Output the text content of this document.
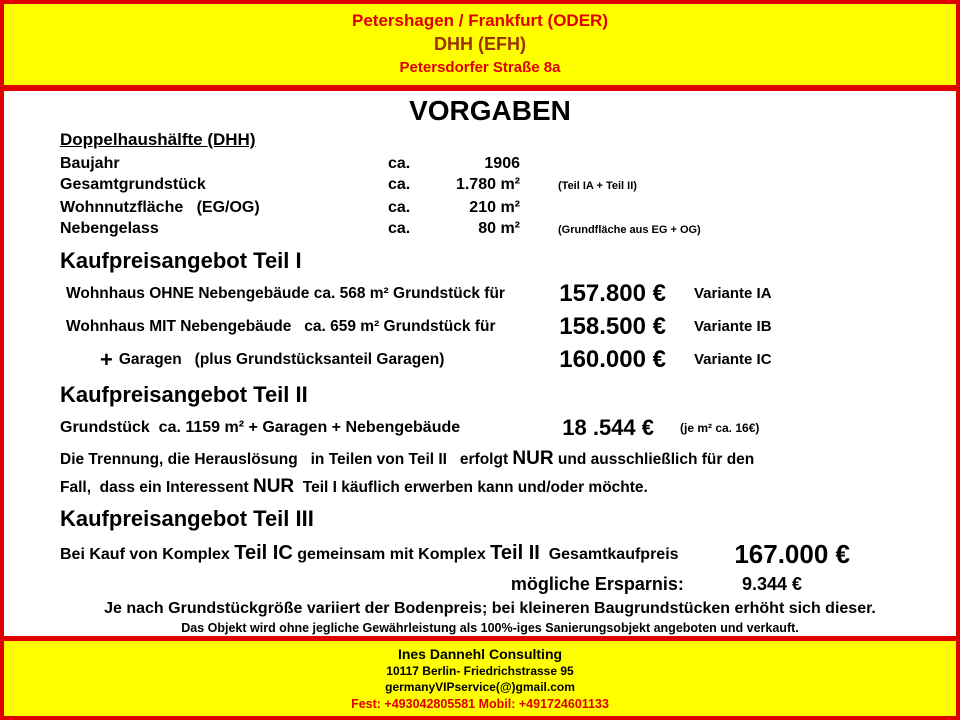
Petershagen / Frankfurt (ODER)
DHH (EFH)
Petersdorfer Straße 8a
VORGABEN
Doppelhaushälfte (DHH)
Baujahr	ca.	1906
Gesamtgrundstück	ca.	1.780 m²	(Teil IA + Teil II)
Wohnnutzfläche   (EG/OG)	ca.	210 m²
Nebengelass	ca.	80 m²	(Grundfläche aus EG + OG)
Kaufpreisangebot Teil I
Wohnhaus OHNE Nebengebäude ca. 568 m² Grundstück für	157.800 € Variante IA
Wohnhaus MIT Nebengebäude   ca. 659 m² Grundstück für	158.500 € Variante IB
+ Garagen   (plus Grundstücksanteil Garagen)	160.000 € Variante IC
Kaufpreisangebot Teil II
Grundstück  ca. 1159 m² + Garagen + Nebengebäude	18 .544 € (je m² ca. 16€)
Die Trennung, die Herauslösung   in Teilen von Teil II   erfolgt NUR und ausschließlich für den
Fall,  dass ein Interessent NUR  Teil I käuflich erwerben kann und/oder möchte.
Kaufpreisangebot Teil III
Bei Kauf von Komplex Teil IC gemeinsam mit Komplex Teil II  Gesamtkaufpreis	167.000 €
mögliche Ersparnis:	9.344 €
Je nach Grundstückgröße variiert der Bodenpreis; bei kleineren Baugrundstücken erhöht sich dieser.
Das Objekt wird ohne jegliche Gewährleistung als 100%-iges Sanierungsobjekt angeboten und verkauft.
Ines Dannehl Consulting
10117 Berlin- Friedrichstrasse 95
germanyVIPservice(@)gmail.com
Fest: +493042805581 Mobil: +491724601133
